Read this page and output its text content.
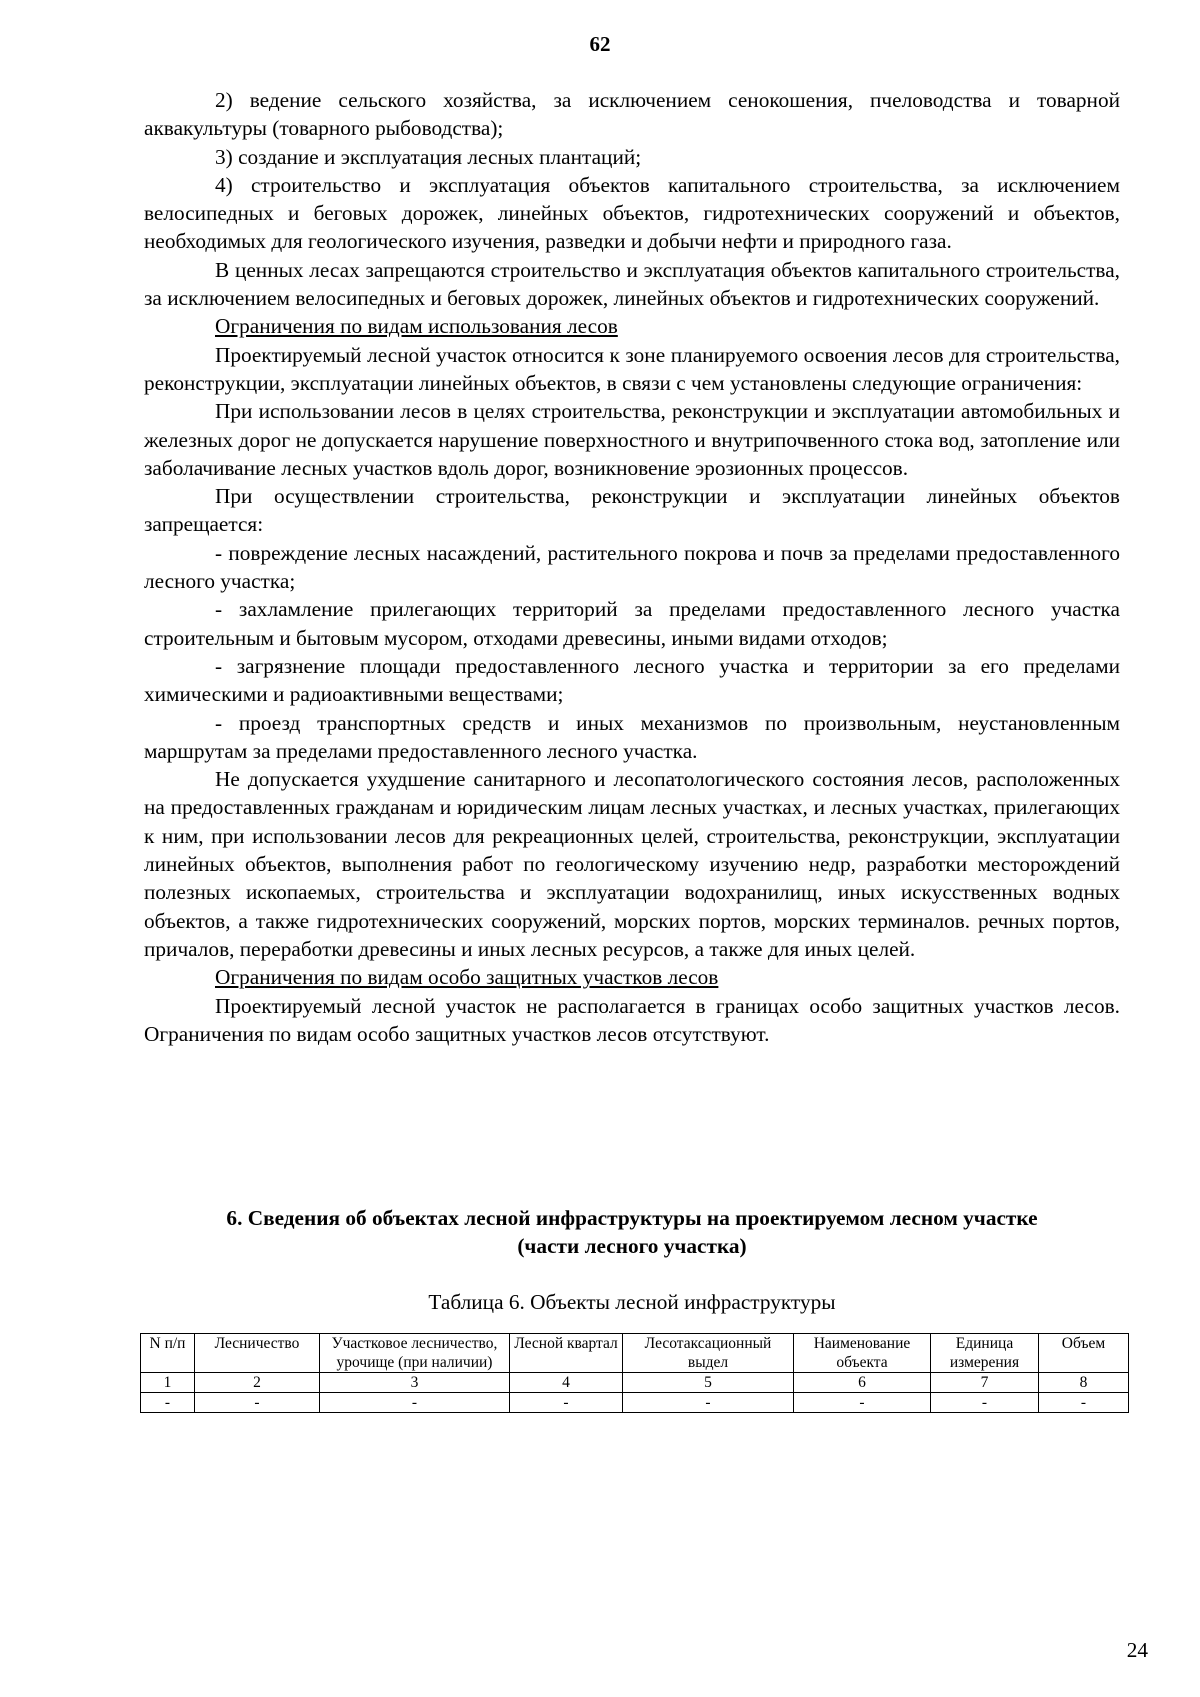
62

2) ведение сельского хозяйства, за исключением сенокошения, пчеловодства и товарной аквакультуры (товарного рыбоводства);

3) создание и эксплуатация лесных плантаций;

4) строительство и эксплуатация объектов капитального строительства, за исключением велосипедных и беговых дорожек, линейных объектов, гидротехнических сооружений и объектов, необходимых для геологического изучения, разведки и добычи нефти и природного газа.

В ценных лесах запрещаются строительство и эксплуатация объектов капитального строительства, за исключением велосипедных и беговых дорожек, линейных объектов и гидротехнических сооружений.

Ограничения по видам использования лесов

Проектируемый лесной участок относится к зоне планируемого освоения лесов для строительства, реконструкции, эксплуатации линейных объектов, в связи с чем установлены следующие ограничения:

При использовании лесов в целях строительства, реконструкции и эксплуатации автомобильных и железных дорог не допускается нарушение поверхностного и внутрипочвенного стока вод, затопление или заболачивание лесных участков вдоль дорог, возникновение эрозионных процессов.

При осуществлении строительства, реконструкции и эксплуатации линейных объектов запрещается:

- повреждение лесных насаждений, растительного покрова и почв за пределами предоставленного лесного участка;

- захламление прилегающих территорий за пределами предоставленного лесного участка строительным и бытовым мусором, отходами древесины, иными видами отходов;

- загрязнение площади предоставленного лесного участка и территории за его пределами химическими и радиоактивными веществами;

- проезд транспортных средств и иных механизмов по произвольным, неустановленным маршрутам за пределами предоставленного лесного участка.

Не допускается ухудшение санитарного и лесопатологического состояния лесов, расположенных на предоставленных гражданам и юридическим лицам лесных участках, и лесных участках, прилегающих к ним, при использовании лесов для рекреационных целей, строительства, реконструкции, эксплуатации линейных объектов, выполнения работ по геологическому изучению недр, разработки месторождений полезных ископаемых, строительства и эксплуатации водохранилищ, иных искусственных водных объектов, а также гидротехнических сооружений, морских портов, морских терминалов. речных портов, причалов, переработки древесины и иных лесных ресурсов, а также для иных целей.

Ограничения по видам особо защитных участков лесов

Проектируемый лесной участок не располагается в границах особо защитных участков лесов. Ограничения по видам особо защитных участков лесов отсутствуют.

6. Сведения об объектах лесной инфраструктуры на проектируемом лесном участке
(части лесного участка)
Таблица 6. Объекты лесной инфраструктуры
N п/п	Лесничество	Участковое лесничество, урочище (при наличии)	Лесной квартал	Лесотаксационный выдел	Наименование объекта	Единица измерения	Объем
1	2	3	4	5	6	7	8
-	-	-	-	-	-	-	-
24
